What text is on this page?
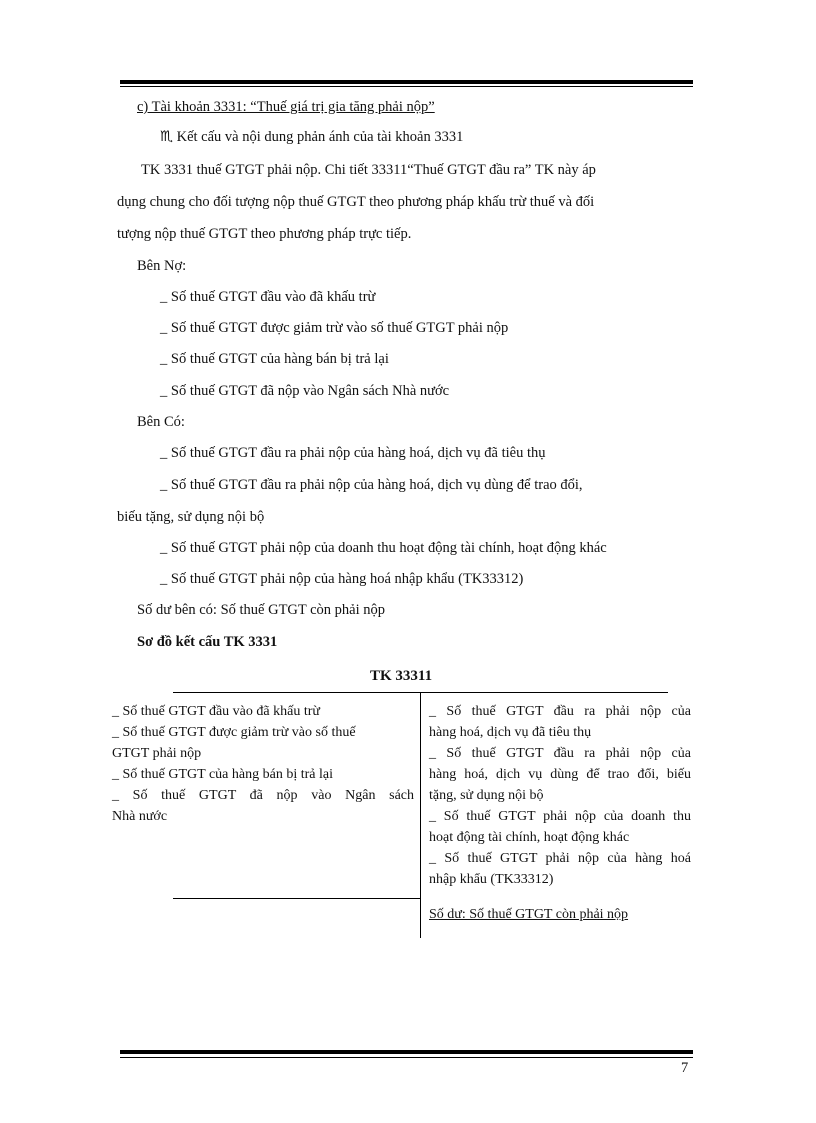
c) Tài khoản 3331: “Thuế giá trị gia tăng phải nộp”
♏︎ Kết cấu và nội dung phản ánh của tài khoản 3331
TK 3331 thuế GTGT phải nộp. Chi tiết 33311“Thuế GTGT đầu ra” TK này áp
dụng chung cho đối tượng nộp thuế GTGT theo phương pháp khấu trừ thuế và đối
tượng nộp thuế GTGT theo phương pháp trực tiếp.
Bên Nợ:
_ Số thuế GTGT đầu vào đã khấu trừ
_ Số thuế GTGT được giảm trừ vào số thuế GTGT phải nộp
_ Số thuế GTGT của hàng bán bị trả lại
_ Số thuế GTGT đã nộp vào Ngân sách Nhà nước
Bên Có:
_ Số thuế GTGT đầu ra phải nộp của hàng hoá, dịch vụ đã tiêu thụ
_ Số thuế GTGT đầu ra phải nộp của hàng hoá, dịch vụ dùng để trao đổi,
biếu tặng, sử dụng nội bộ
_ Số thuế GTGT phải nộp của doanh thu hoạt động tài chính, hoạt động khác
_ Số thuế GTGT phải nộp của hàng hoá nhập khẩu (TK33312)
Số dư bên có: Số thuế GTGT còn phải nộp
Sơ đồ kết cấu TK 3331
TK 33311
_ Số thuế GTGT đầu vào đã khấu trừ
_ Số thuế GTGT được giảm trừ vào số thuế
GTGT phải nộp
_ Số thuế GTGT của hàng bán bị trả lại
_ Số thuế GTGT đã nộp vào Ngân sách
Nhà nước
_ Số thuế GTGT đầu ra phải nộp của
hàng hoá, dịch vụ đã tiêu thụ
_ Số thuế GTGT đầu ra phải nộp của
hàng hoá, dịch vụ dùng để trao đổi, biếu
tặng, sử dụng nội bộ
_ Số thuế GTGT phải nộp của doanh thu
hoạt động tài chính, hoạt động khác
_ Số thuế GTGT phải nộp của hàng hoá
nhập khẩu (TK33312)
Số dư: Số thuế GTGT còn phải nộp
7
